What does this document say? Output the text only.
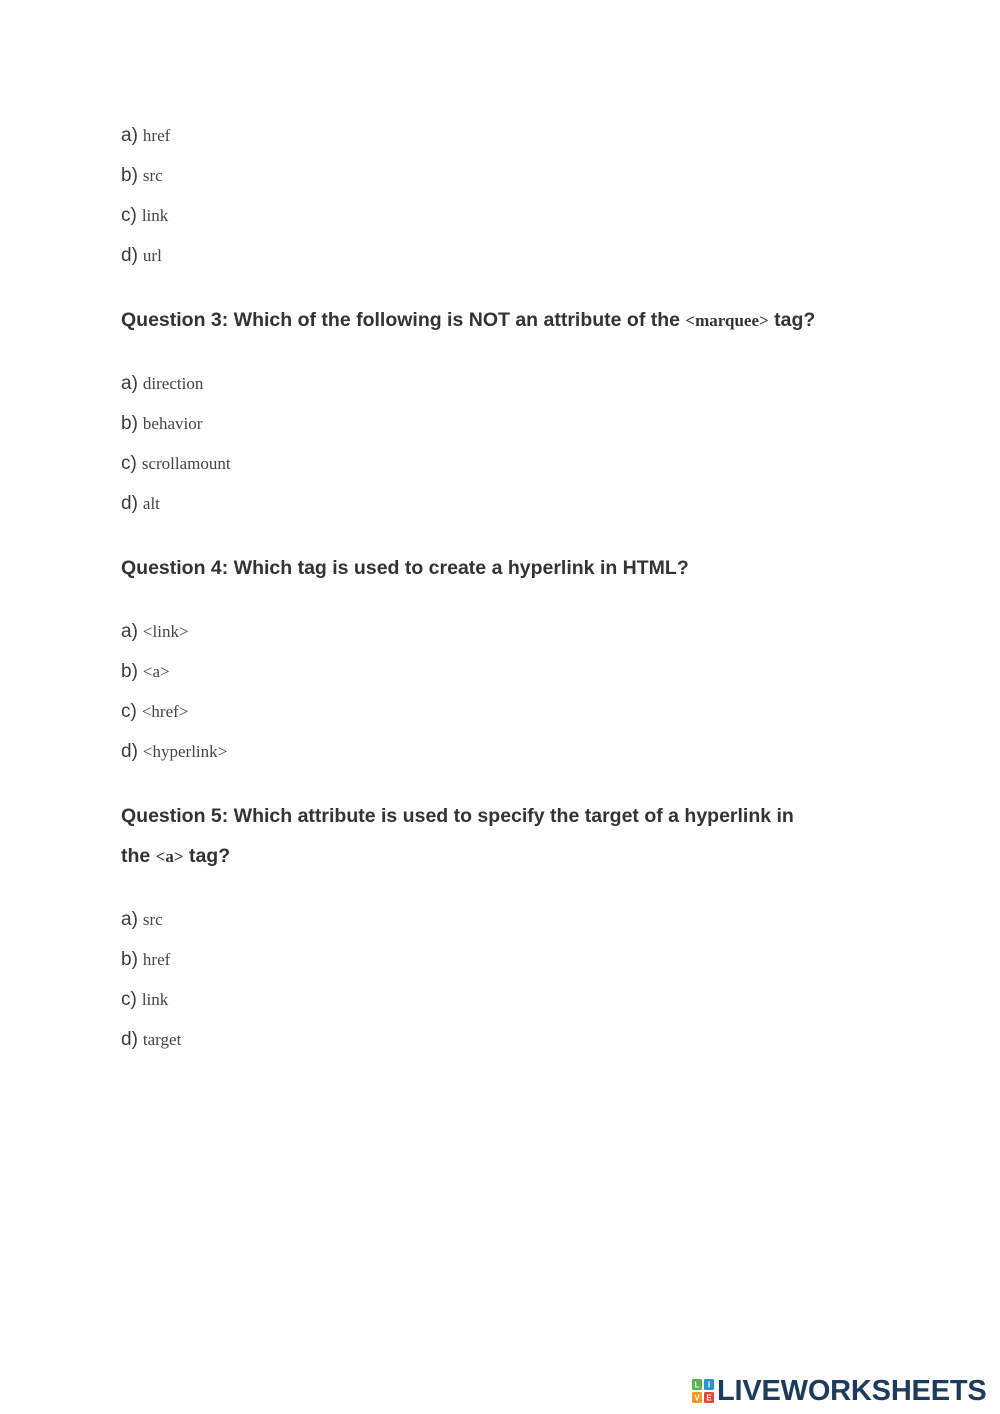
a) href
b) src
c) link
d) url
Question 3: Which of the following is NOT an attribute of the <marquee> tag?
a) direction
b) behavior
c) scrollamount
d) alt
Question 4: Which tag is used to create a hyperlink in HTML?
a) <link>
b) <a>
c) <href>
d) <hyperlink>
Question 5: Which attribute is used to specify the target of a hyperlink in
the <a> tag?
a) src
b) href
c) link
d) target
L I
V E LIVEWORKSHEETS
